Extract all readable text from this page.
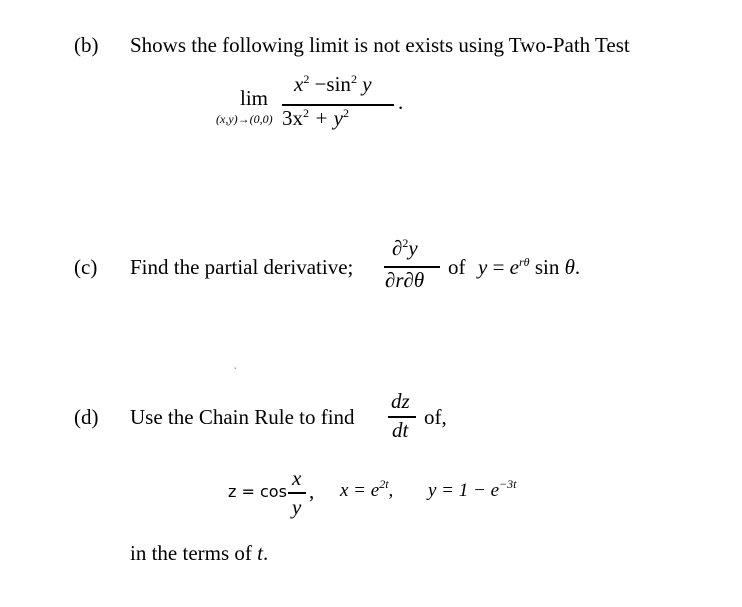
(b) Shows the following limit is not exists using Two-Path Test
lim
(x,y)→(0,0)
$x^2 -\sin^2$ y
$3x^2 + y^2$ .
(c) Find the partial derivative;
∂$^2$y
∂r∂θ
of $y = e^{r\theta}$ sin θ.
·
(d) Use the Chain Rule to find
dz
dt
of,
z = cos
x
y
, $x = e^{2t}$, $y = 1 - e^{-3t}$
in the terms of t.
